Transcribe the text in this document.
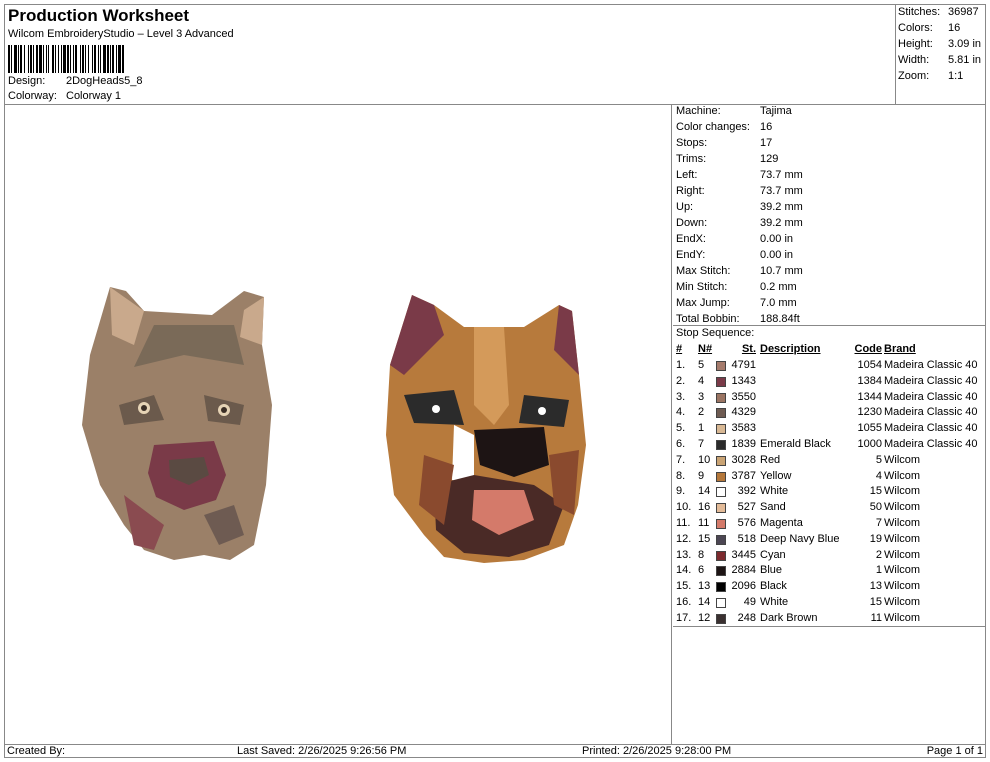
Production Worksheet
Wilcom EmbroideryStudio – Level 3 Advanced
Design: 2DogHeads5_8
Colorway: Colorway 1
Stitches: 36987
Colors: 16
Height: 3.09 in
Width: 5.81 in
Zoom: 1:1
Machine:	Tajima
Color changes: 16
Stops:	17
Trims:	129
Left:	73.7 mm
Right:	73.7 mm
Up:	39.2 mm
Down:	39.2 mm
EndX:	0.00 in
EndY:	0.00 in
Max Stitch:	10.7 mm
Min Stitch:	0.2 mm
Max Jump:	7.0 mm
Total Bobbin: 188.84ft
Stop Sequence:
# N#	St. Description	Code Brand
1. 5 4791	1054 Madeira Classic 40
2. 4 1343	1384 Madeira Classic 40
3. 3 3550	1344 Madeira Classic 40
4. 2 4329	1230 Madeira Classic 40
5. 1 3583	1055 Madeira Classic 40
6. 7 1839 Emerald Black	1000 Madeira Classic 40
7. 10 3028 Red	5 Wilcom
8. 9 3787 Yellow	4 Wilcom
9. 14	392 White	15 Wilcom
10. 16	527 Sand	50 Wilcom
11. 11	576 Magenta	7 Wilcom
12. 15	518 Deep Navy Blue	19 Wilcom
13. 8 3445 Cyan	2 Wilcom
14. 6 2884 Blue	1 Wilcom
15. 13 2096 Black	13 Wilcom
16. 14	49 White	15 Wilcom
17. 12	248 Dark Brown	11 Wilcom
Created By:	Last Saved: 2/26/2025 9:26:56 PM	Printed: 2/26/2025 9:28:00 PM	Page 1 of 1
